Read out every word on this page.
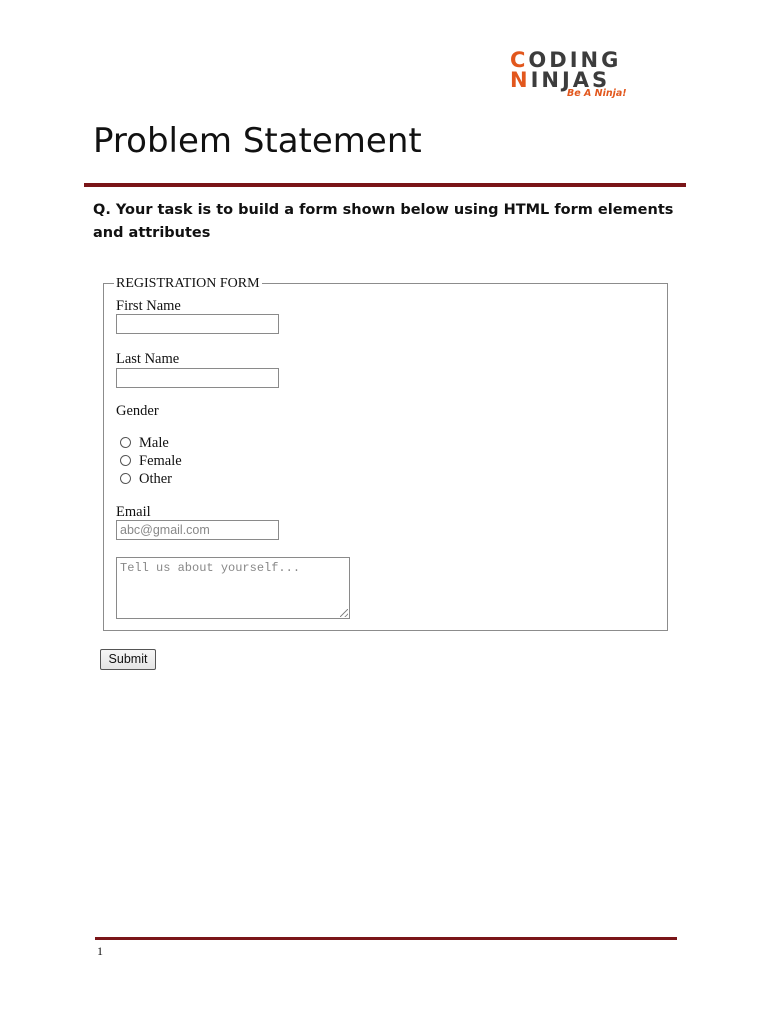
CODING
NINJAS
Be A Ninja!
Problem Statement

Q. Your task is to build a form shown below using HTML form elements and attributes

REGISTRATION FORM
First Name
Last Name
Gender
Male
Female
Other
Email
abc@gmail.com
Tell us about yourself...
Submit
1
